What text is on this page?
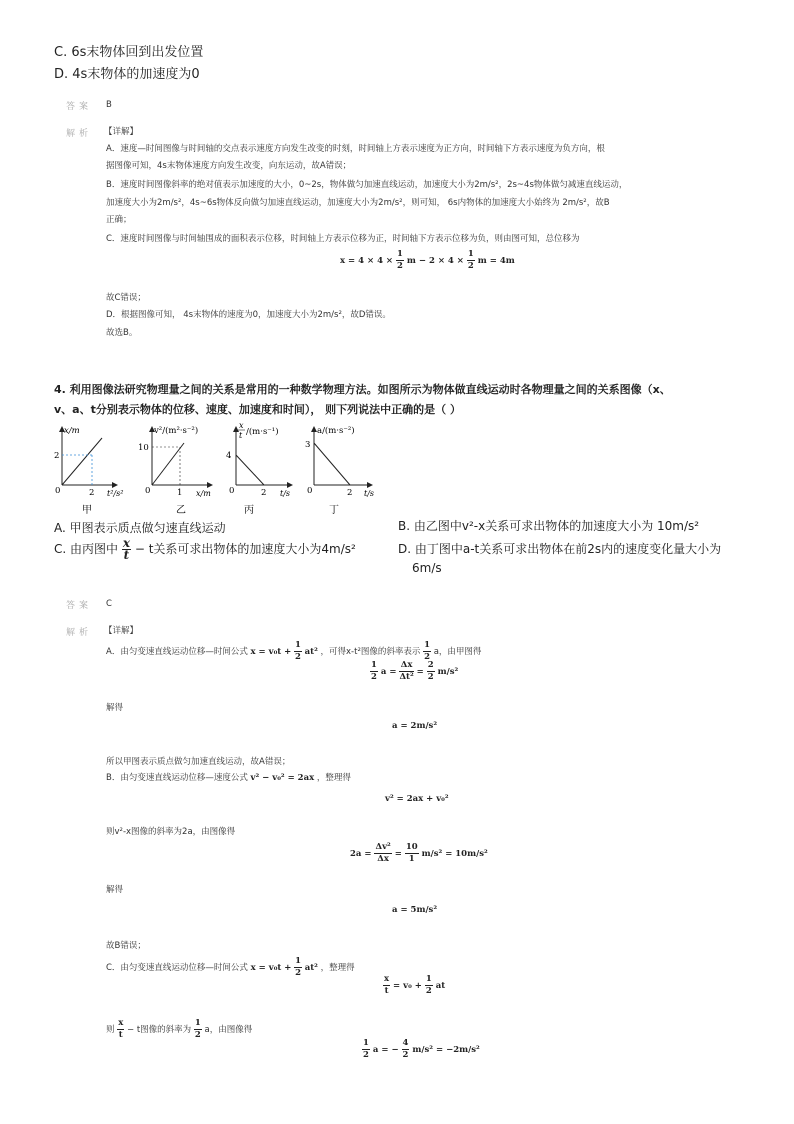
C. 6s末物体回到出发位置
D. 4s末物体的加速度为0
答案 B
解析 【详解】
A．速度—时间图像与时间轴的交点表示速度方向发生改变的时刻，时间轴上方表示速度为正方向，时间轴下方表示速度为负方向，根
据图像可知，4s末物体速度方向发生改变，向东运动，故A错误；
B．速度时间图像斜率的绝对值表示加速度的大小，0~2s，物体做匀加速直线运动，加速度大小为2m/s²，2s~4s物体做匀减速直线运动，
加速度大小为2m/s²，4s~6s物体反向做匀加速直线运动，加速度大小为2m/s²，则可知， 6s内物体的加速度大小始终为 2m/s²，故B
正确；
C．速度时间图像与时间轴围成的面积表示位移，时间轴上方表示位移为正，时间轴下方表示位移为负，则由图可知，总位移为
$x = 4 \times 4 \times \frac{1}{2}$ $m - 2 \times 4 \times \frac{1}{2}$ m = 4m
故C错误；
D．根据图像可知， 4s末物体的速度为0，加速度大小为2m/s²，故D错误。
故选B。
4. 利用图像法研究物理量之间的关系是常用的一种数学物理方法。如图所示为物体做直线运动时各物理量之间的关系图像（x、
v、a、t分别表示物体的位移、速度、加速度和时间）， 则下列说法中正确的是（ ）
x/m
2
2
0	t²/s²
甲
v²/(m²·s⁻²)
10
1
0	x/m
乙
x
t /(m·s⁻¹)
4
2
0	t/s
丙
a/(m·s⁻²)
3
2
0	t/s
丁
A. 甲图表示质点做匀速直线运动	B. 由乙图中v²-x关系可求出物体的加速度大小为 10m/s²
C. 由丙图中 $\frac{x}{t} - t$关系可求出物体的加速度大小为4m/s²	D. 由丁图中a-t关系可求出物体在前2s内的速度变化量大小为
6m/s
答案 C
解析 【详解】
A．由匀变速直线运动位移—时间公式 $x = v_0t + \frac{1}{2} at^2$ ，可得x-t²图像的斜率表示 $\frac{1}{2}$ a，由甲图得
$\frac{1}{2}$ $a = \frac{\Delta x}{\text{Δt²}} = \frac{2}{2} m/s^2$
解得
a = 2m/s²
所以甲图表示质点做匀加速直线运动，故A错误；
B．由匀变速直线运动位移—速度公式 v² − v₀² = 2ax ，整理得
v² = 2ax + v₀²
则v²-x图像的斜率为2a，由图像得
$2a = \frac{\text{Δv²}}{\Delta x} = \frac{10}{1} m/s^2 = 10m/s^2$
解得
a = 5m/s²
故B错误；
C．由匀变速直线运动位移—时间公式 $x = v_0t + \frac{1}{2} at^2$ ，整理得
$\frac{x}{t} = v_0 + \frac{1}{2}$ at
则 $\frac{x}{t} - t$图像的斜率为 $\frac{1}{2}$ a，由图像得
$\frac{1}{2}$ a = − $\frac{4}{2} m/s^2 = -2m/s^2$
